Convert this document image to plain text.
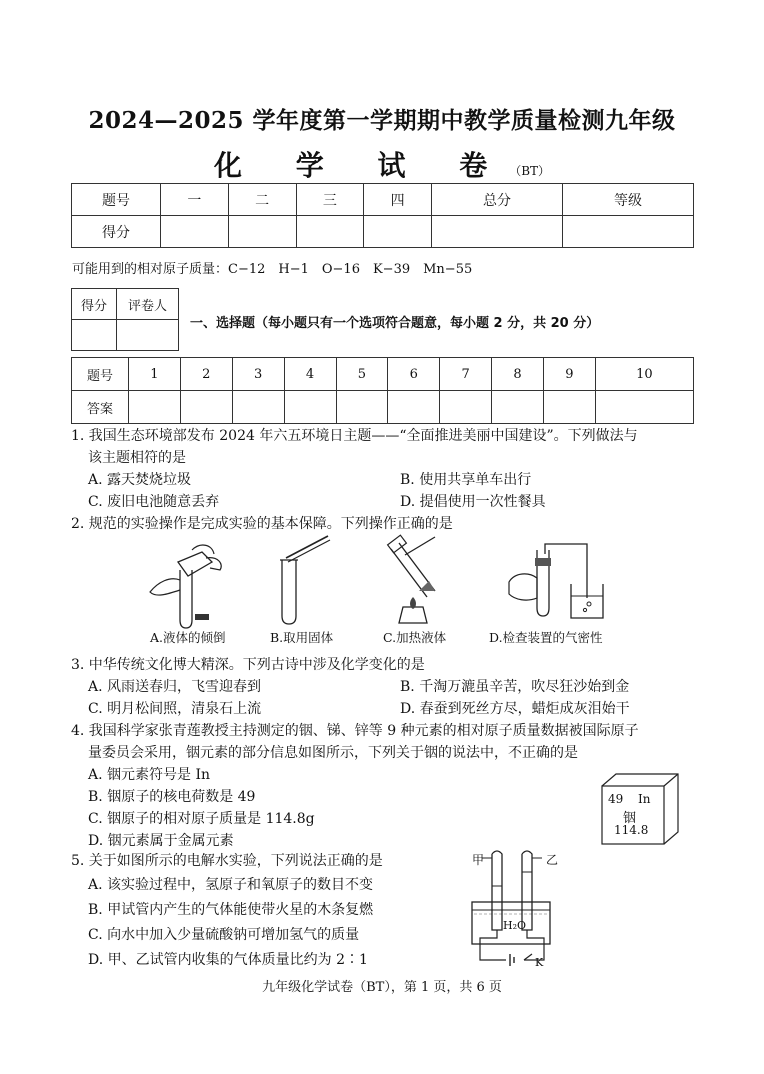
2024—2025 学年度第一学期期中教学质量检测九年级
化 学 试 卷（BT）
题号	一	二	三	四	总分	等级
得分						
可能用到的相对原子质量：C−12　H−1　O−16　K−39　Mn−55
得分	评卷人

一、选择题（每小题只有一个选项符合题意，每小题 2 分，共 20 分）
题号	1	2	3	4	5	6	7	8	9	10
答案										
1. 我国生态环境部发布 2024 年六五环境日主题——“全面推进美丽中国建设”。下列做法与
该主题相符的是
A. 露天焚烧垃圾	B. 使用共享单车出行
C. 废旧电池随意丢弃	D. 提倡使用一次性餐具
2. 规范的实验操作是完成实验的基本保障。下列操作正确的是
A.液体的倾倒	B.取用固体	C.加热液体	D.检查装置的气密性
3. 中华传统文化博大精深。下列古诗中涉及化学变化的是
A. 风雨送春归，飞雪迎春到	B. 千淘万漉虽辛苦，吹尽狂沙始到金
C. 明月松间照，清泉石上流	D. 春蚕到死丝方尽，蜡炬成灰泪始干
4. 我国科学家张青莲教授主持测定的铟、锑、锌等 9 种元素的相对原子质量数据被国际原子
量委员会采用，铟元素的部分信息如图所示，下列关于铟的说法中，不正确的是
A. 铟元素符号是 In
B. 铟原子的核电荷数是 49
C. 铟原子的相对原子质量是 114.8g
D. 铟元素属于金属元素
49 In
铟
114.8
5. 关于如图所示的电解水实验，下列说法正确的是
A. 该实验过程中，氢原子和氧原子的数目不变
B. 甲试管内产生的气体能使带火星的木条复燃
C. 向水中加入少量硫酸钠可增加氢气的质量
D. 甲、乙试管内收集的气体质量比约为 2∶1
甲	乙
H₂O
K
九年级化学试卷（BT），第 1 页，共 6 页
